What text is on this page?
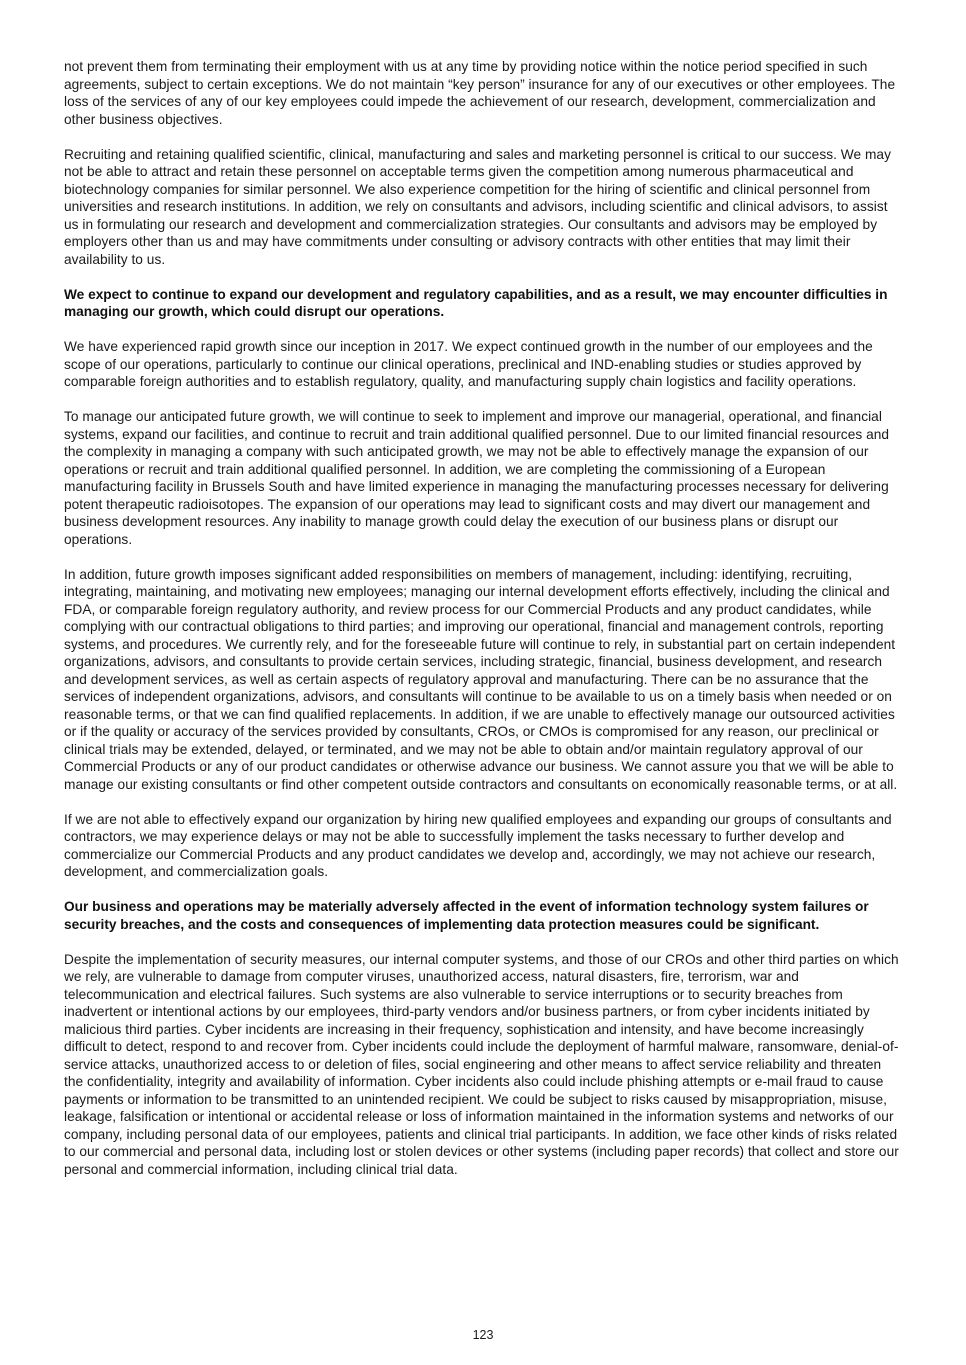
not prevent them from terminating their employment with us at any time by providing notice within the notice period specified in such agreements, subject to certain exceptions. We do not maintain “key person” insurance for any of our executives or other employees. The loss of the services of any of our key employees could impede the achievement of our research, development, commercialization and other business objectives.

Recruiting and retaining qualified scientific, clinical, manufacturing and sales and marketing personnel is critical to our success. We may not be able to attract and retain these personnel on acceptable terms given the competition among numerous pharmaceutical and biotechnology companies for similar personnel. We also experience competition for the hiring of scientific and clinical personnel from universities and research institutions. In addition, we rely on consultants and advisors, including scientific and clinical advisors, to assist us in formulating our research and development and commercialization strategies. Our consultants and advisors may be employed by employers other than us and may have commitments under consulting or advisory contracts with other entities that may limit their availability to us.

We expect to continue to expand our development and regulatory capabilities, and as a result, we may encounter difficulties in managing our growth, which could disrupt our operations.

We have experienced rapid growth since our inception in 2017. We expect continued growth in the number of our employees and the scope of our operations, particularly to continue our clinical operations, preclinical and IND-enabling studies or studies approved by comparable foreign authorities and to establish regulatory, quality, and manufacturing supply chain logistics and facility operations.

To manage our anticipated future growth, we will continue to seek to implement and improve our managerial, operational, and financial systems, expand our facilities, and continue to recruit and train additional qualified personnel. Due to our limited financial resources and the complexity in managing a company with such anticipated growth, we may not be able to effectively manage the expansion of our operations or recruit and train additional qualified personnel. In addition, we are completing the commissioning of a European manufacturing facility in Brussels South and have limited experience in managing the manufacturing processes necessary for delivering potent therapeutic radioisotopes. The expansion of our operations may lead to significant costs and may divert our management and business development resources. Any inability to manage growth could delay the execution of our business plans or disrupt our operations.

In addition, future growth imposes significant added responsibilities on members of management, including: identifying, recruiting, integrating, maintaining, and motivating new employees; managing our internal development efforts effectively, including the clinical and FDA, or comparable foreign regulatory authority, and review process for our Commercial Products and any product candidates, while complying with our contractual obligations to third parties; and improving our operational, financial and management controls, reporting systems, and procedures. We currently rely, and for the foreseeable future will continue to rely, in substantial part on certain independent organizations, advisors, and consultants to provide certain services, including strategic, financial, business development, and research and development services, as well as certain aspects of regulatory approval and manufacturing. There can be no assurance that the services of independent organizations, advisors, and consultants will continue to be available to us on a timely basis when needed or on reasonable terms, or that we can find qualified replacements. In addition, if we are unable to effectively manage our outsourced activities or if the quality or accuracy of the services provided by consultants, CROs, or CMOs is compromised for any reason, our preclinical or clinical trials may be extended, delayed, or terminated, and we may not be able to obtain and/or maintain regulatory approval of our Commercial Products or any of our product candidates or otherwise advance our business. We cannot assure you that we will be able to manage our existing consultants or find other competent outside contractors and consultants on economically reasonable terms, or at all.

If we are not able to effectively expand our organization by hiring new qualified employees and expanding our groups of consultants and contractors, we may experience delays or may not be able to successfully implement the tasks necessary to further develop and commercialize our Commercial Products and any product candidates we develop and, accordingly, we may not achieve our research, development, and commercialization goals.

Our business and operations may be materially adversely affected in the event of information technology system failures or security breaches, and the costs and consequences of implementing data protection measures could be significant.

Despite the implementation of security measures, our internal computer systems, and those of our CROs and other third parties on which we rely, are vulnerable to damage from computer viruses, unauthorized access, natural disasters, fire, terrorism, war and telecommunication and electrical failures. Such systems are also vulnerable to service interruptions or to security breaches from inadvertent or intentional actions by our employees, third-party vendors and/or business partners, or from cyber incidents initiated by malicious third parties. Cyber incidents are increasing in their frequency, sophistication and intensity, and have become increasingly difficult to detect, respond to and recover from. Cyber incidents could include the deployment of harmful malware, ransomware, denial-of-service attacks, unauthorized access to or deletion of files, social engineering and other means to affect service reliability and threaten the confidentiality, integrity and availability of information. Cyber incidents also could include phishing attempts or e-mail fraud to cause payments or information to be transmitted to an unintended recipient. We could be subject to risks caused by misappropriation, misuse, leakage, falsification or intentional or accidental release or loss of information maintained in the information systems and networks of our company, including personal data of our employees, patients and clinical trial participants. In addition, we face other kinds of risks related to our commercial and personal data, including lost or stolen devices or other systems (including paper records) that collect and store our personal and commercial information, including clinical trial data.

123
